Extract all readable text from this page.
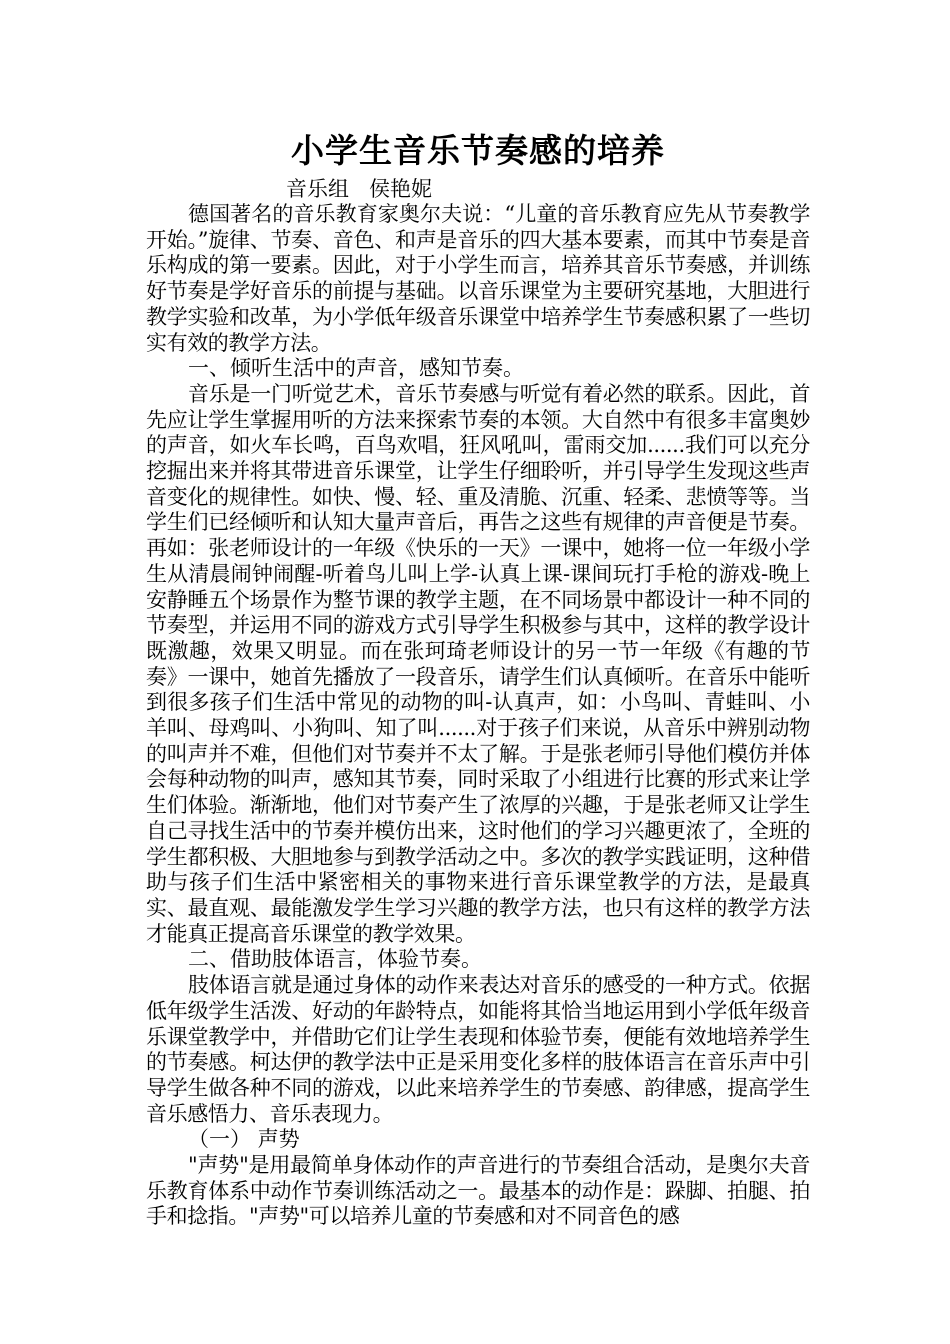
小学生音乐节奏感的培养

音乐组   侯艳妮

德国著名的音乐教育家奥尔夫说：“儿童的音乐教育应先从节奏教学开始。”旋律、节奏、音色、和声是音乐的四大基本要素，而其中节奏是音乐构成的第一要素。因此，对于小学生而言，培养其音乐节奏感，并训练好节奏是学好音乐的前提与基础。以音乐课堂为主要研究基地，大胆进行教学实验和改革，为小学低年级音乐课堂中培养学生节奏感积累了一些切实有效的教学方法。

一、倾听生活中的声音，感知节奏。

音乐是一门听觉艺术，音乐节奏感与听觉有着必然的联系。因此，首先应让学生掌握用听的方法来探索节奏的本领。大自然中有很多丰富奥妙的声音，如火车长鸣，百鸟欢唱，狂风吼叫，雷雨交加......我们可以充分挖掘出来并将其带进音乐课堂，让学生仔细聆听，并引导学生发现这些声音变化的规律性。如快、慢、轻、重及清脆、沉重、轻柔、悲愤等等。当学生们已经倾听和认知大量声音后，再告之这些有规律的声音便是节奏。再如：张老师设计的一年级《快乐的一天》一课中，她将一位一年级小学生从清晨闹钟闹醒-听着鸟儿叫上学-认真上课-课间玩打手枪的游戏-晚上安静睡五个场景作为整节课的教学主题，在不同场景中都设计一种不同的节奏型，并运用不同的游戏方式引导学生积极参与其中，这样的教学设计既激趣，效果又明显。而在张珂琦老师设计的另一节一年级《有趣的节奏》一课中，她首先播放了一段音乐，请学生们认真倾听。在音乐中能听到很多孩子们生活中常见的动物的叫-认真声，如：小鸟叫、青蛙叫、小羊叫、母鸡叫、小狗叫、知了叫......对于孩子们来说，从音乐中辨别动物的叫声并不难，但他们对节奏并不太了解。于是张老师引导他们模仿并体会每种动物的叫声，感知其节奏，同时采取了小组进行比赛的形式来让学生们体验。渐渐地，他们对节奏产生了浓厚的兴趣，于是张老师又让学生自己寻找生活中的节奏并模仿出来，这时他们的学习兴趣更浓了，全班的学生都积极、大胆地参与到教学活动之中。多次的教学实践证明，这种借助与孩子们生活中紧密相关的事物来进行音乐课堂教学的方法，是最真实、最直观、最能激发学生学习兴趣的教学方法，也只有这样的教学方法才能真正提高音乐课堂的教学效果。

二、借助肢体语言，体验节奏。

肢体语言就是通过身体的动作来表达对音乐的感受的一种方式。依据低年级学生活泼、好动的年龄特点，如能将其恰当地运用到小学低年级音乐课堂教学中，并借助它们让学生表现和体验节奏，便能有效地培养学生的节奏感。柯达伊的教学法中正是采用变化多样的肢体语言在音乐声中引导学生做各种不同的游戏，以此来培养学生的节奏感、韵律感，提高学生音乐感悟力、音乐表现力。

（一） 声势

"声势"是用最简单身体动作的声音进行的节奏组合活动，是奥尔夫音乐教育体系中动作节奏训练活动之一。最基本的动作是：跺脚、拍腿、拍手和捻指。"声势"可以培养儿童的节奏感和对不同音色的感
